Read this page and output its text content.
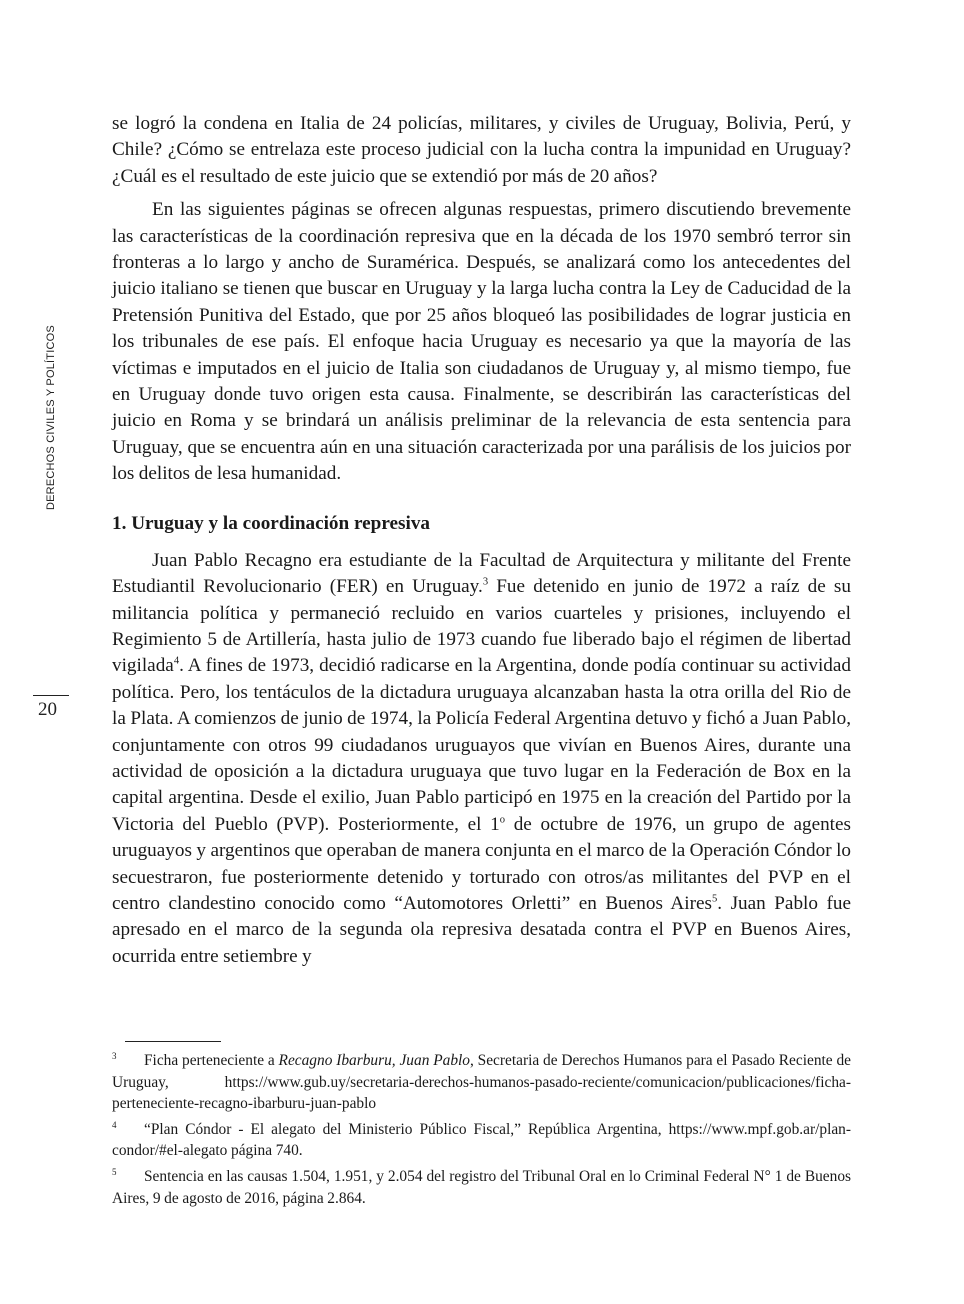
DERECHOS CIVILES Y POLÍTICOS
20

se logró la condena en Italia de 24 policías, militares, y civiles de Uruguay, Bolivia, Perú, y Chile? ¿Cómo se entrelaza este proceso judicial con la lucha contra la impunidad en Uruguay? ¿Cuál es el resultado de este juicio que se extendió por más de 20 años?

En las siguientes páginas se ofrecen algunas respuestas, primero discutiendo brevemente las características de la coordinación represiva que en la década de los 1970 sembró terror sin fronteras a lo largo y ancho de Suramérica. Después, se analizará como los antecedentes del juicio italiano se tienen que buscar en Uruguay y la larga lucha contra la Ley de Caducidad de la Pretensión Punitiva del Estado, que por 25 años bloqueó las posibilidades de lograr justicia en los tribunales de ese país. El enfoque hacia Uruguay es necesario ya que la mayoría de las víctimas e imputados en el juicio de Italia son ciudadanos de Uruguay y, al mismo tiempo, fue en Uruguay donde tuvo origen esta causa. Finalmente, se describirán las características del juicio en Roma y se brindará un análisis preliminar de la relevancia de esta sentencia para Uruguay, que se encuentra aún en una situación caracterizada por una parálisis de los juicios por los delitos de lesa humanidad.

1. Uruguay y la coordinación represiva

Juan Pablo Recagno era estudiante de la Facultad de Arquitectura y militante del Frente Estudiantil Revolucionario (FER) en Uruguay.$^3$ Fue detenido en junio de 1972 a raíz de su militancia política y permaneció recluido en varios cuarteles y prisiones, incluyendo el Regimiento 5 de Artillería, hasta julio de 1973 cuando fue liberado bajo el régimen de libertad vigilada$^4$. A fines de 1973, decidió radicarse en la Argentina, donde podía continuar su actividad política. Pero, los tentáculos de la dictadura uruguaya alcanzaban hasta la otra orilla del Rio de la Plata. A comienzos de junio de 1974, la Policía Federal Argentina detuvo y fichó a Juan Pablo, conjuntamente con otros 99 ciudadanos uruguayos que vivían en Buenos Aires, durante una actividad de oposición a la dictadura uruguaya que tuvo lugar en la Federación de Box en la capital argentina. Desde el exilio, Juan Pablo participó en 1975 en la creación del Partido por la Victoria del Pueblo (PVP). Posteriormente, el 1$^o$ de octubre de 1976, un grupo de agentes uruguayos y argentinos que operaban de manera conjunta en el marco de la Operación Cóndor lo secuestraron, fue posteriormente detenido y torturado con otros/as militantes del PVP en el centro clandestino conocido como “Automotores Orletti” en Buenos Aires$^5$. Juan Pablo fue apresado en el marco de la segunda ola represiva desatada contra el PVP en Buenos Aires, ocurrida entre setiembre y

3 Ficha perteneciente a Recagno Ibarburu, Juan Pablo, Secretaria de Derechos Humanos para el Pasado Reciente de Uruguay, https://www.gub.uy/secretaria-derechos-humanos-pasado-reciente/comunicacion/publicaciones/ficha-perteneciente-recagno-ibarburu-juan-pablo

4 “Plan Cóndor - El alegato del Ministerio Público Fiscal,” República Argentina, https://www.mpf.gob.ar/plan-condor/#el-alegato página 740.

5 Sentencia en las causas 1.504, 1.951, y 2.054 del registro del Tribunal Oral en lo Criminal Federal N° 1 de Buenos Aires, 9 de agosto de 2016, página 2.864.
